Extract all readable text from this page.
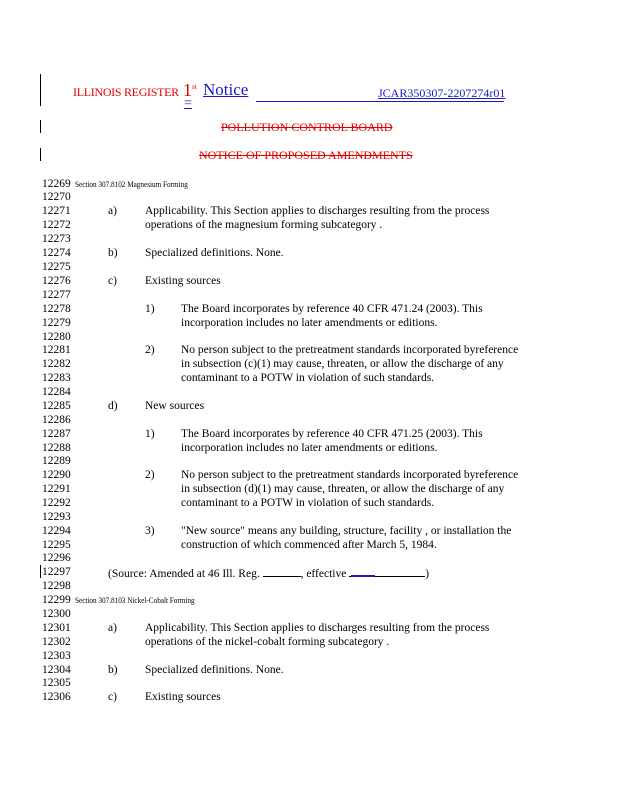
ILLINOIS REGISTER 1st
=
Notice	JCAR350307-2207274r01
POLLUTION CONTROL BOARD
NOTICE OF PROPOSED AMENDMENTS
12269
12270
12271
12272
12273
12274
12275
12276
12277
12278
12279
12280
12281
12282
12283
12284
12285
12286
12287
12288
12289
12290
12291
12292
12293
12294
12295
12296
12297
12298
12299
12300
12301
12302
12303
12304
12305
12306
Section 307.8102 Magnesium Forming
a) Applicability. This Section applies to discharges resulting from the process
operations of the magnesium forming subcategory .
b) Specialized definitions. None.
c) Existing sources
1) The Board incorporates by reference 40 CFR 471.24 (2003). This
incorporation includes no later amendments or editions.
2) No person subject to the pretreatment standards incorporated byreference
in subsection (c)(1) may cause, threaten, or allow the discharge of any
contaminant to a POTW in violation of such standards.
d) New sources
1) The Board incorporates by reference 40 CFR 471.25 (2003). This
incorporation includes no later amendments or editions.
2) No person subject to the pretreatment standards incorporated byreference
in subsection (d)(1) may cause, threaten, or allow the discharge of any
contaminant to a POTW in violation of such standards.
3) "New source" means any building, structure, facility , or installation the
construction of which commenced after March 5, 1984.
(Source: Amended at 46 Ill. Reg.	, effective	)
Section 307.8103 Nickel-Cobalt Forming
a) Applicability. This Section applies to discharges resulting from the process
operations of the nickel-cobalt forming subcategory .
b) Specialized definitions. None.
c) Existing sources
